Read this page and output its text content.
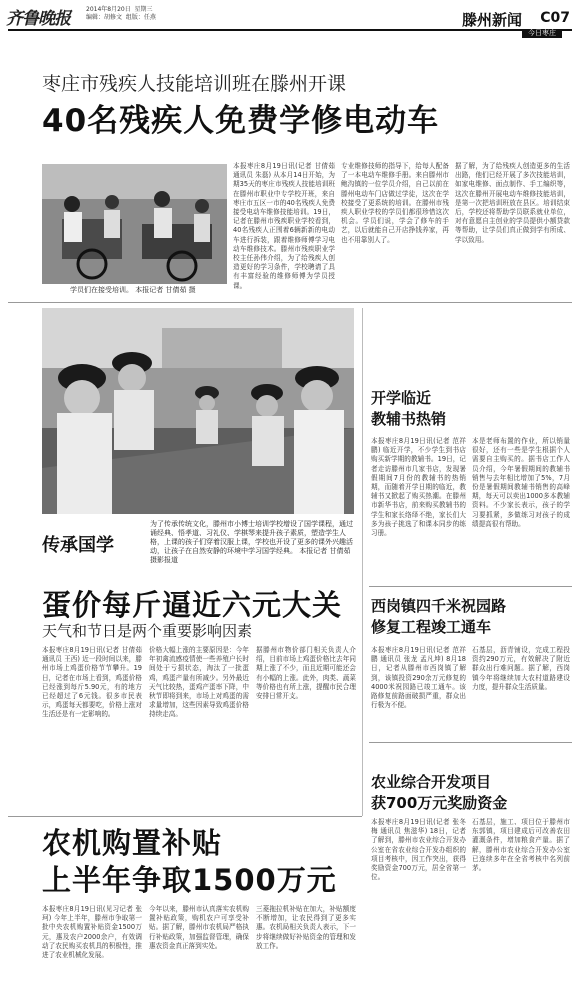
齐鲁晚报	2014年8月20日  星期三
编辑：胡修文  组版：任燕	滕州新闻 C07
今日枣庄
枣庄市残疾人技能培训班在滕州开课
40名残疾人免费学修电动车
学员们在接受培训。 本报记者 甘倩茹 摄
本报枣庄8月19日讯(记者 甘倩茹 通讯员 朱磊) 从本月14日开始，为期35天的枣庄市残疾人技能培训班在滕州市职业中专学校开班，来自枣庄市五区一市的40名残疾人免费接受电动车维修技能培训。19日，记者在滕州市残疾职业学校看到，40名残疾人正围着6辆新新的电动车进行拆装，跟着维修师傅学习电动车维修技术。滕州市残疾职业学校主任孙伟介绍，为了给残疾人创造更好的学习条件，学校聘请了具有丰富经验的维修师傅为学员授课。
专业维修技师的指导下，给每人配备了一本电动车维修手册。来自滕州市鲍沟镇的一位学员介绍，自己以前在滕州电动车门店做过学徒，这次在学校接受了更系统的培训。在滕州市残疾人职业学校的学员们都很珍惜这次机会。学员们说，学会了修车的手艺，以后就能自己开店挣钱养家，再也不用靠别人了。
据了解，为了给残疾人创造更多的生活出路，他们已经开展了多次技能培训，如家电维修、面点制作、手工编织等，这次在滕州开展电动车维修技能培训，是第一次把培训班放在县区。培训结束后，学校还将帮助学员联系就业单位，对有意愿自主创业的学员提供小额贷款等帮助，让学员们真正做到学有所成、学以致用。
传承国学
为了传承传统文化，滕州市小博士培训学校增设了国学课程，通过诵经典、悟孝道、习礼仪、学棋琴来提升孩子素质，塑造学生人格，上课的孩子们穿着汉服上课，学校也开设了更多的课外兴趣活动，让孩子在自然安静的环境中学习国学经典。 本报记者 甘倩茹 摄影报道
开学临近
教辅书热销
本报枣庄8月19日讯(记者 范祥鹏) 临近开学，不少学生到书店购买新学期的教辅书。19日，记者走访滕州市几家书店，发现暑假期间7月份的教辅书的热销期，而随着开学日期的临近，教辅书又掀起了购买热潮。在滕州市新华书店，前来购买教辅书的学生和家长络绎不绝，家长们大多为孩子挑选了和课本同步的练习册。
本是老师布置的作业，所以销量很好，还有一些是学生根据个人需要自主购买的。据书店工作人员介绍，今年暑假期间的教辅书销售与去年相比增加了5%，7月份是暑假期间教辅书销售的高峰期，每天可以卖出1000多本教辅资料。不少家长表示，孩子的学习要抓紧，多做练习对孩子的成绩提高很有帮助。
蛋价每斤逼近六元大关
天气和节日是两个重要影响因素
本报枣庄8月19日讯(记者 甘倩茹 通讯员 王西) 近一段时间以来，滕州市场上鸡蛋价格节节攀升。19日，记者在市场上看到，鸡蛋价格已经涨到每斤5.90元，有的地方已经超过了6元钱。很多市民表示，鸡蛋每天都要吃，价格上涨对生活还是有一定影响的。
价格大幅上涨的主要原因是：今年年初禽流感疫情使一些养殖户长时间处于亏损状态，淘汰了一批蛋鸡，鸡蛋产量有所减少。另外最近天气比较热，蛋鸡产蛋率下降，中秋节即将到来，市场上对鸡蛋的需求量增加，这些因素导致鸡蛋价格持续走高。
据滕州市物价部门相关负责人介绍，目前市场上鸡蛋价格比去年同期上涨了不少，而且近期可能还会有小幅的上涨。此外，肉类、蔬菜等价格也有所上涨，提醒市民合理安排日常开支。
西岗镇四千米祝园路
修复工程竣工通车
本报枣庄8月19日讯(记者 范祥鹏 通讯员 张龙 孟凡坤) 8月18日，记者从滕州市西岗镇了解到，该镇投资290余万元修复的4000米祝园路已竣工通车。该路修复前路面破损严重，群众出行极为不便。
石基层，沥青铺设，完成工程投资约290万元，有效解决了附近群众出行难问题。据了解，西岗镇今年将继续加大农村道路建设力度，提升群众生活质量。
农业综合开发项目
获700万元奖励资金
本报枣庄8月19日讯(记者 张冬梅 通讯员 焦滋华) 18日，记者了解到，滕州市农业综合开发办公室在省农业综合开发办组织的项目考核中，因工作突出，获得奖励资金700万元，居全省第一位。
石基层，施工、项目位于滕州市东郭镇，项目建成后可改善农田灌溉条件，增加粮食产量。据了解，滕州市农业综合开发办公室已连续多年在全省考核中名列前茅。
农机购置补贴
上半年争取1500万元
本报枣庄8月19日讯(见习记者 张珂) 今年上半年，滕州市争取第一批中央农机购置补贴资金1500万元，惠及农户2000余户，有效调动了农民购买农机具的积极性，推进了农业机械化发展。
今年以来，滕州市认真落实农机购置补贴政策，购机农户可享受补贴。据了解，滕州市农机局严格执行补贴政策，加强监督管理，确保惠农资金真正落到实处。
三菱拖拉机补贴在加大，补贴额度不断增加，让农民得到了更多实惠。农机局相关负责人表示，下一步将继续做好补贴资金的管理和发放工作。
